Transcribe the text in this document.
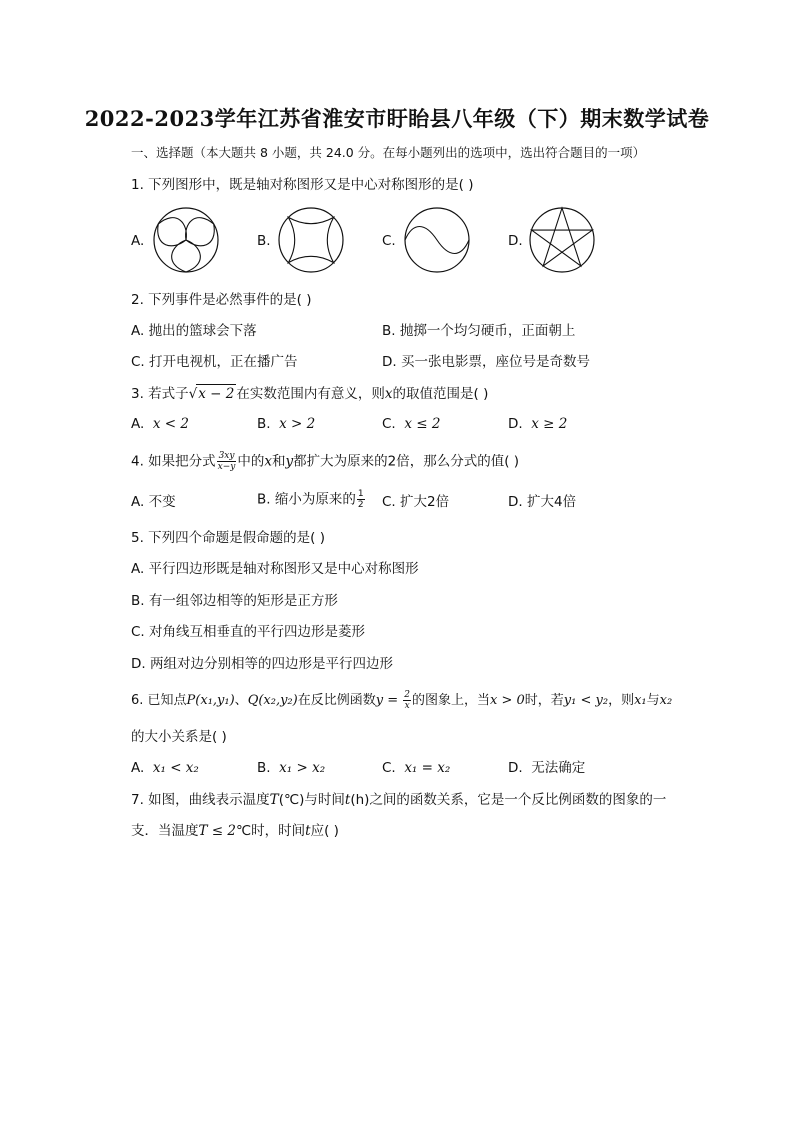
2022-2023学年江苏省淮安市盱眙县八年级（下）期末数学试卷
一、选择题（本大题共 8 小题，共 24.0 分。在每小题列出的选项中，选出符合题目的一项）
1. 下列图形中，既是轴对称图形又是中心对称图形的是( )
A.	B.	C.	D.
2. 下列事件是必然事件的是( )
A. 抛出的篮球会下落	B. 抛掷一个均匀硬币，正面朝上
C. 打开电视机，正在播广告	D. 买一张电影票，座位号是奇数号
3. 若式子√x − 2 在实数范围内有意义，则x的取值范围是( )
A. x < 2	B. x > 2	C. x ≤ 2	D. x ≥ 2
4. 如果把分式 $\frac{3xy}{x-y}$ 中的x和y都扩大为原来的2倍，那么分式的值( )
A. 不变	B. 缩小为原来的 $\frac{1}{2} C$. 扩大2倍	D. 扩大4倍
5. 下列四个命题是假命题的是( )
A. 平行四边形既是轴对称图形又是中心对称图形
B. 有一组邻边相等的矩形是正方形
C. 对角线互相垂直的平行四边形是菱形
D. 两组对边分别相等的四边形是平行四边形
6. 已知点P(x₁,y₁)、Q(x₂,y₂)在反比例函数$y = \frac{2}{x}$ 的图象上，当x > 0时，若y₁ < y₂，则x₁与x₂
的大小关系是( )
A. x₁ < x₂	B. x₁ > x₂	C. x₁ = x₂	D. 无法确定
7. 如图，曲线表示温度T(℃)与时间t(h)之间的函数关系，它是一个反比例函数的图象的一
支．当温度T ≤ 2℃时，时间t应( )
